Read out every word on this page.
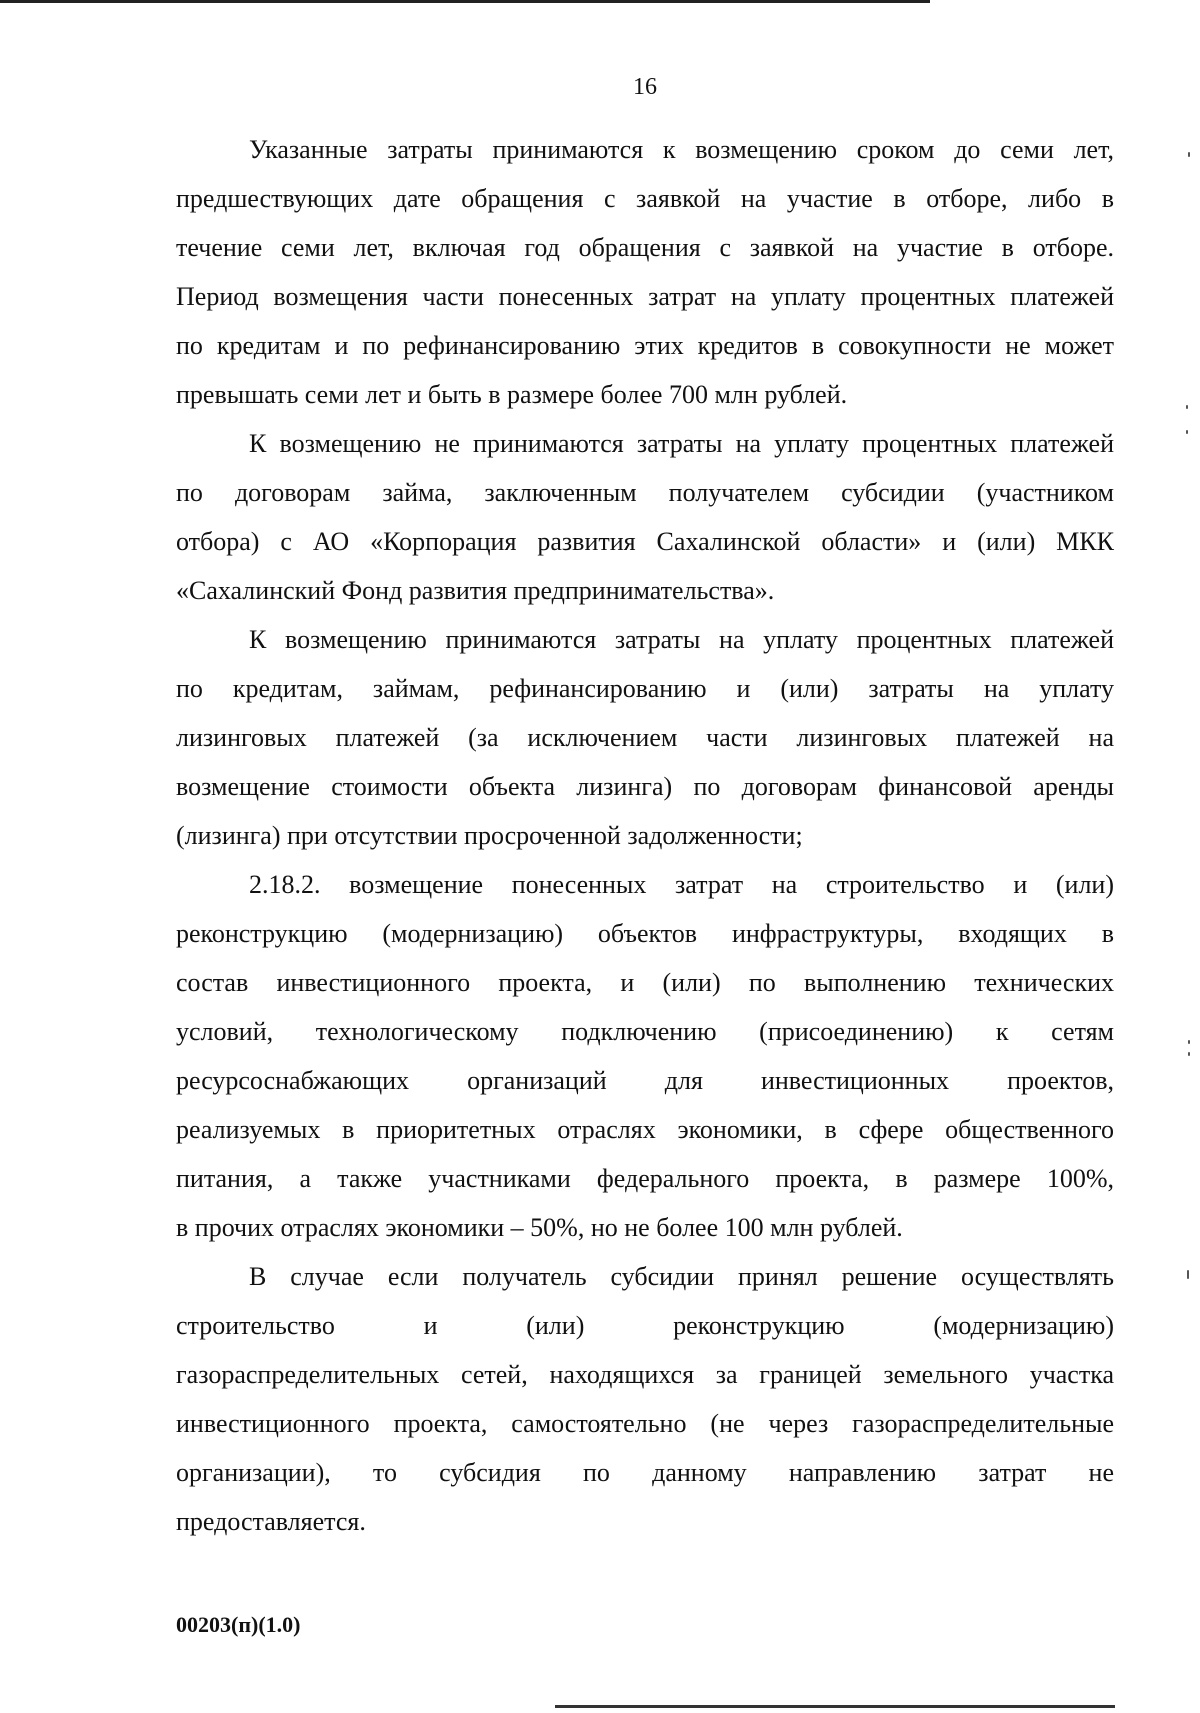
16
Указанные затраты принимаются к возмещению сроком до семи лет,
предшествующих дате обращения с заявкой на участие в отборе, либо в
течение семи лет, включая год обращения с заявкой на участие в отборе.
Период возмещения части понесенных затрат на уплату процентных платежей
по кредитам и по рефинансированию этих кредитов в совокупности не может
превышать семи лет и быть в размере более 700 млн рублей.
К возмещению не принимаются затраты на уплату процентных платежей
по договорам займа, заключенным получателем субсидии (участником
отбора) с АО «Корпорация развития Сахалинской области» и (или) МКК
«Сахалинский Фонд развития предпринимательства».
К возмещению принимаются затраты на уплату процентных платежей
по кредитам, займам, рефинансированию и (или) затраты на уплату
лизинговых платежей (за исключением части лизинговых платежей на
возмещение стоимости объекта лизинга) по договорам финансовой аренды
(лизинга) при отсутствии просроченной задолженности;
2.18.2. возмещение понесенных затрат на строительство и (или)
реконструкцию (модернизацию) объектов инфраструктуры, входящих в
состав инвестиционного проекта, и (или) по выполнению технических
условий, технологическому подключению (присоединению) к сетям
ресурсоснабжающих организаций для инвестиционных проектов,
реализуемых в приоритетных отраслях экономики, в сфере общественного
питания, а также участниками федерального проекта, в размере 100%,
в прочих отраслях экономики – 50%, но не более 100 млн рублей.
В случае если получатель субсидии принял решение осуществлять
строительство и (или) реконструкцию (модернизацию)
газораспределительных сетей, находящихся за границей земельного участка
инвестиционного проекта, самостоятельно (не через газораспределительные
организации), то субсидия по данному направлению затрат не
предоставляется.
00203(п)(1.0)
